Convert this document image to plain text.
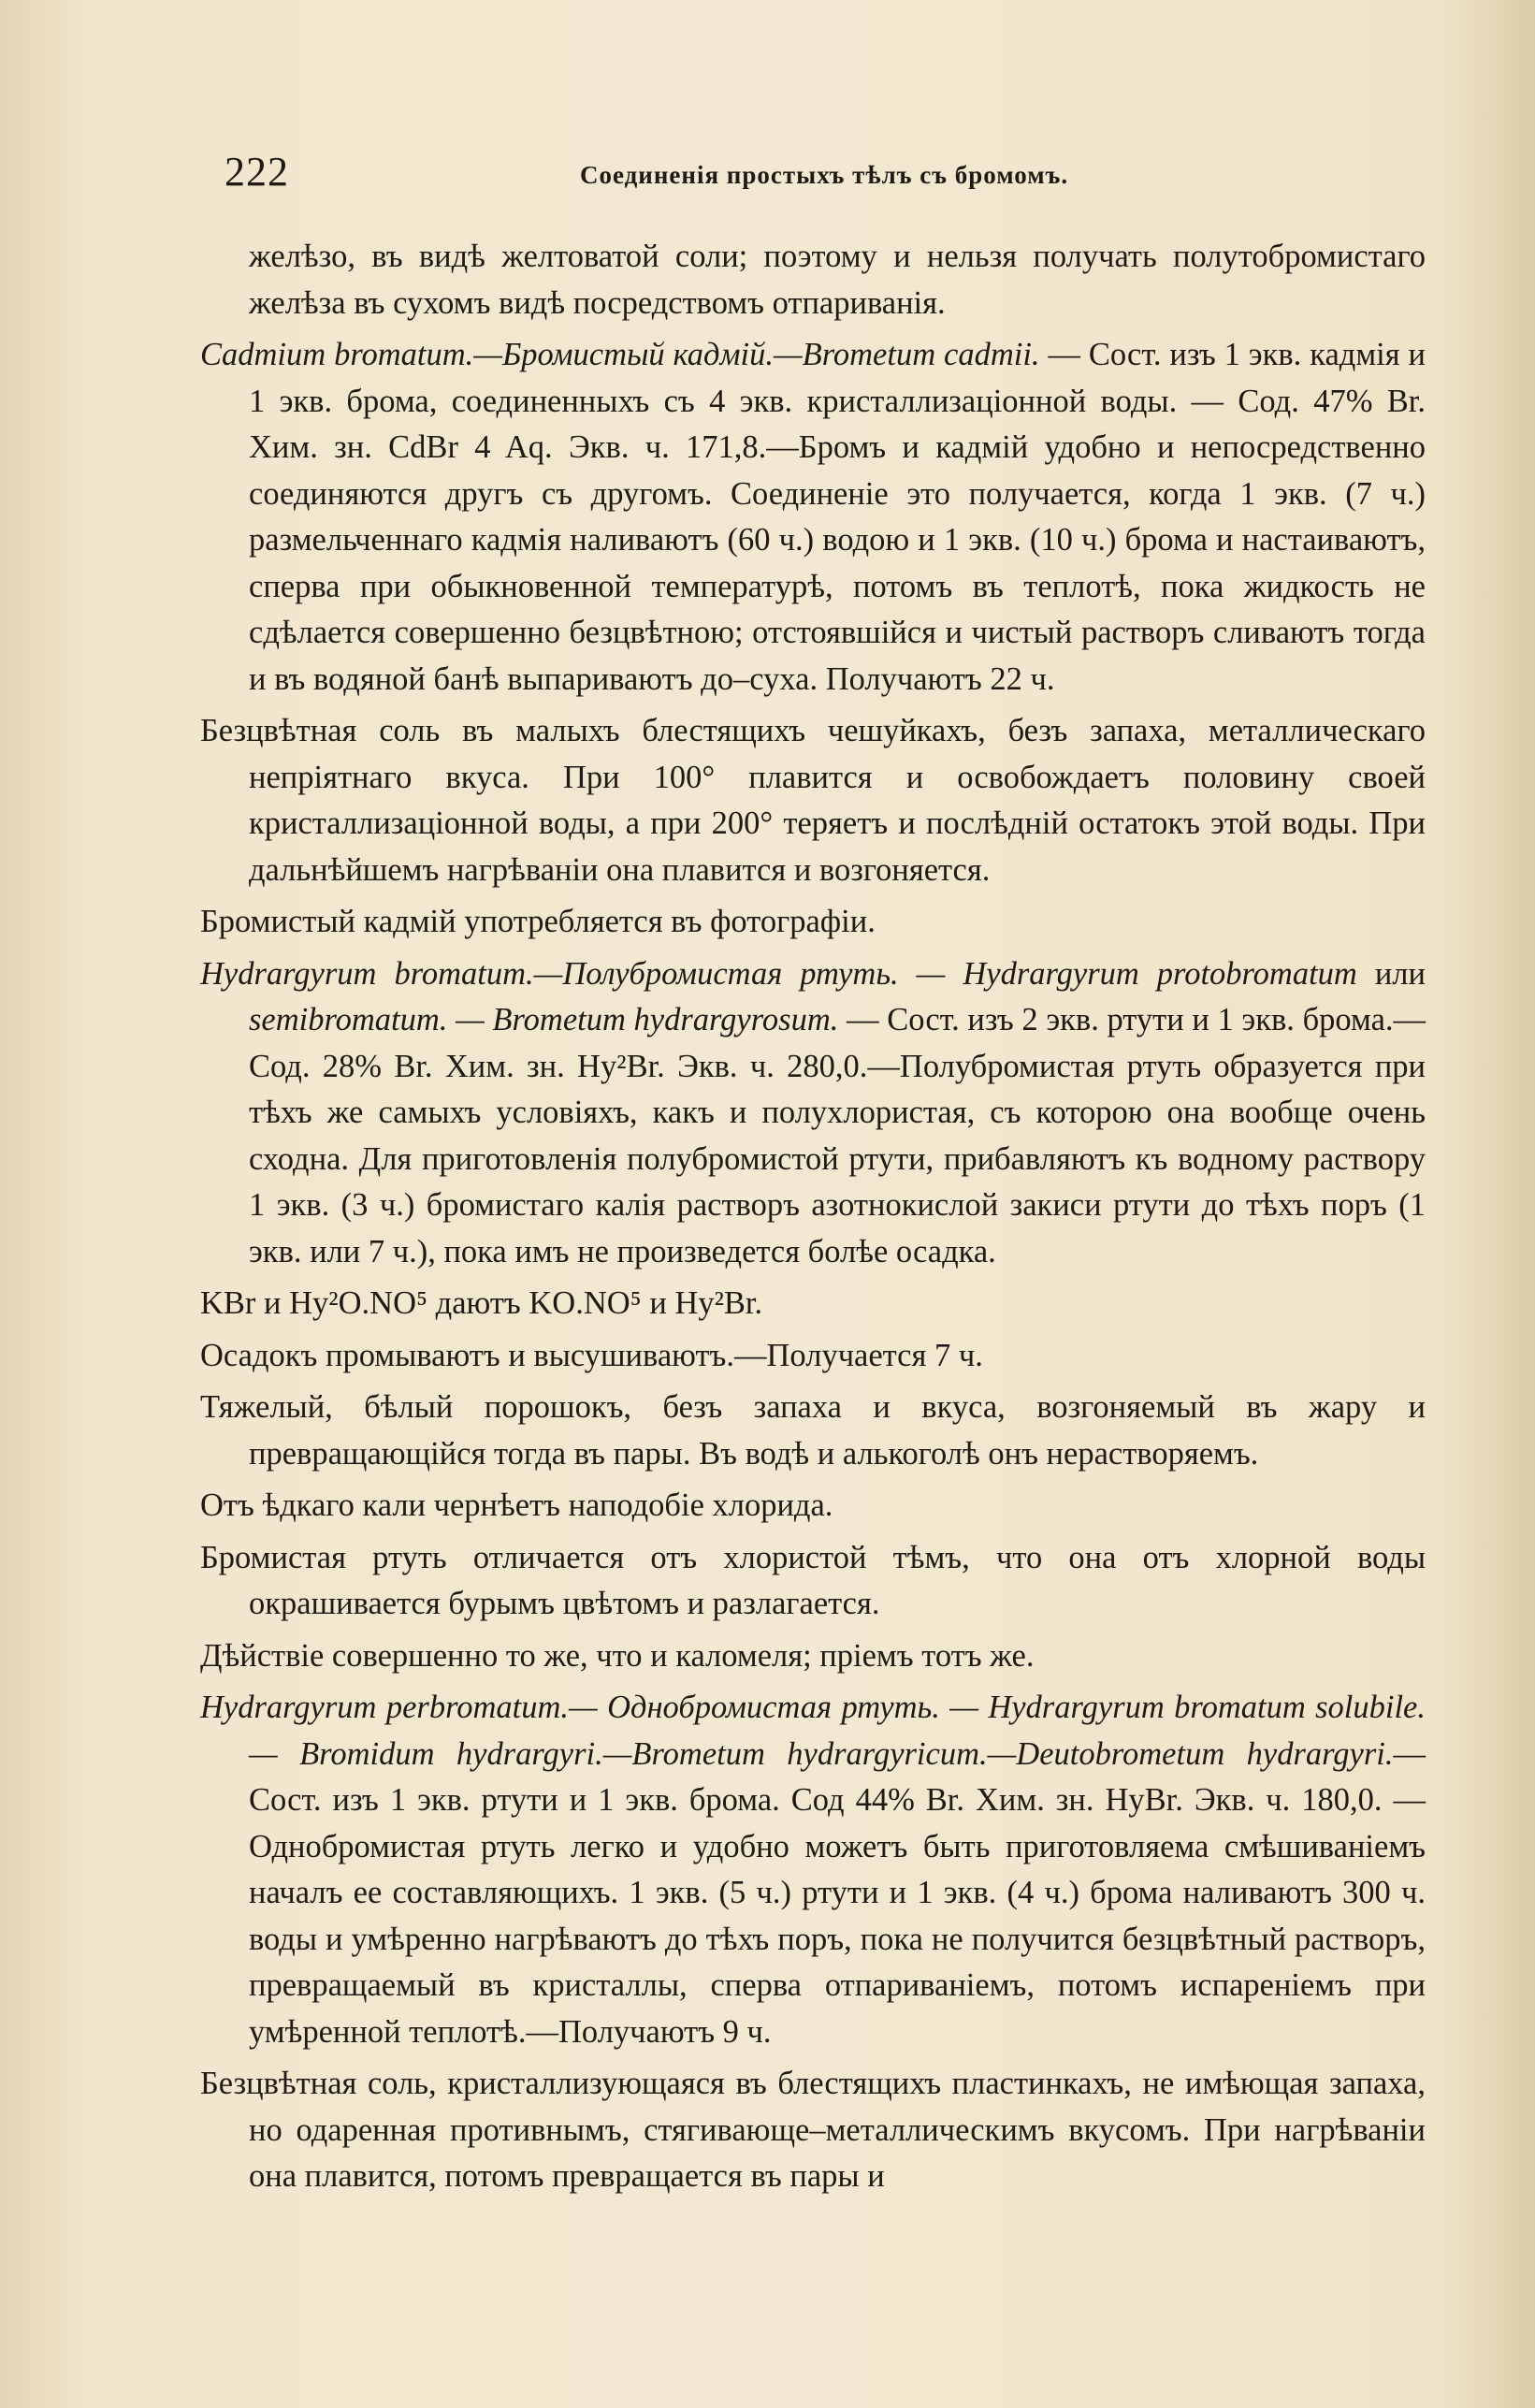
222	Соединенія простыхъ тѣлъ съ бромомъ.

желѣзо, въ видѣ желтоватой соли; поэтому и нельзя получать полутобромистаго желѣза въ сухомъ видѣ посредствомъ отпариванія.

Cadmium bromatum.—Бромистый кадмій.—Brometum cadmii. — Сост. изъ 1 экв. кадмія и 1 экв. брома, соединенныхъ съ 4 экв. кристаллизаціонной воды. — Сод. 47% Br. Хим. зн. CdBr 4 Aq. Экв. ч. 171,8.—Бромъ и кадмій удобно и непосредственно соединяются другъ съ другомъ. Соединеніе это получается, когда 1 экв. (7 ч.) размельченнаго кадмія наливаютъ (60 ч.) водою и 1 экв. (10 ч.) брома и настаиваютъ, сперва при обыкновенной температурѣ, потомъ въ теплотѣ, пока жидкость не сдѣлается совершенно безцвѣтною; отстоявшійся и чистый растворъ сливаютъ тогда и въ водяной банѣ выпариваютъ до–суха. Получаютъ 22 ч.

Безцвѣтная соль въ малыхъ блестящихъ чешуйкахъ, безъ запаха, металлическаго непріятнаго вкуса. При 100° плавится и освобождаетъ половину своей кристаллизаціонной воды, а при 200° теряетъ и послѣдній остатокъ этой воды. При дальнѣйшемъ нагрѣваніи она плавится и возгоняется.

Бромистый кадмій употребляется въ фотографіи.

Hydrargyrum bromatum.—Полубромистая ртуть. — Hydrargyrum protobromatum или semibromatum. — Brometum hydrargyrosum. — Сост. изъ 2 экв. ртути и 1 экв. брома.—Сод. 28% Br. Хим. зн. Hy²Br. Экв. ч. 280,0.—Полубромистая ртуть образуется при тѣхъ же самыхъ условіяхъ, какъ и полухлористая, съ которою она вообще очень сходна. Для приготовленія полубромистой ртути, прибавляютъ къ водному раствору 1 экв. (3 ч.) бромистаго калія растворъ азотнокислой закиси ртути до тѣхъ поръ (1 экв. или 7 ч.), пока имъ не произведется болѣе осадка.

KBr и Hy²O.NO⁵ даютъ KO.NO⁵ и Hy²Br.

Осадокъ промываютъ и высушиваютъ.—Получается 7 ч.

Тяжелый, бѣлый порошокъ, безъ запаха и вкуса, возгоняемый въ жару и превращающійся тогда въ пары. Въ водѣ и алькоголѣ онъ нерастворяемъ.

Отъ ѣдкаго кали чернѣетъ наподобіе хлорида.

Бромистая ртуть отличается отъ хлористой тѣмъ, что она отъ хлорной воды окрашивается бурымъ цвѣтомъ и разлагается.

Дѣйствіе совершенно то же, что и каломеля; пріемъ тотъ же.

Hydrargyrum perbromatum.— Однобромистая ртуть. — Hydrargyrum bromatum solubile.— Bromidum hydrargyri.—Brometum hydrargyricum.—Deutobrometum hydrargyri.—Сост. изъ 1 экв. ртути и 1 экв. брома. Сод 44% Br. Хим. зн. HyBr. Экв. ч. 180,0. —Однобромистая ртуть легко и удобно можетъ быть приготовляема смѣшиваніемъ началъ ее составляющихъ. 1 экв. (5 ч.) ртути и 1 экв. (4 ч.) брома наливаютъ 300 ч. воды и умѣренно нагрѣваютъ до тѣхъ поръ, пока не получится безцвѣтный растворъ, превращаемый въ кристаллы, сперва отпариваніемъ, потомъ испареніемъ при умѣренной теплотѣ.—Получаютъ 9 ч.

Безцвѣтная соль, кристаллизующаяся въ блестящихъ пластинкахъ, не имѣющая запаха, но одаренная противнымъ, стягивающе–металлическимъ вкусомъ. При нагрѣваніи она плавится, потомъ превращается въ пары и
